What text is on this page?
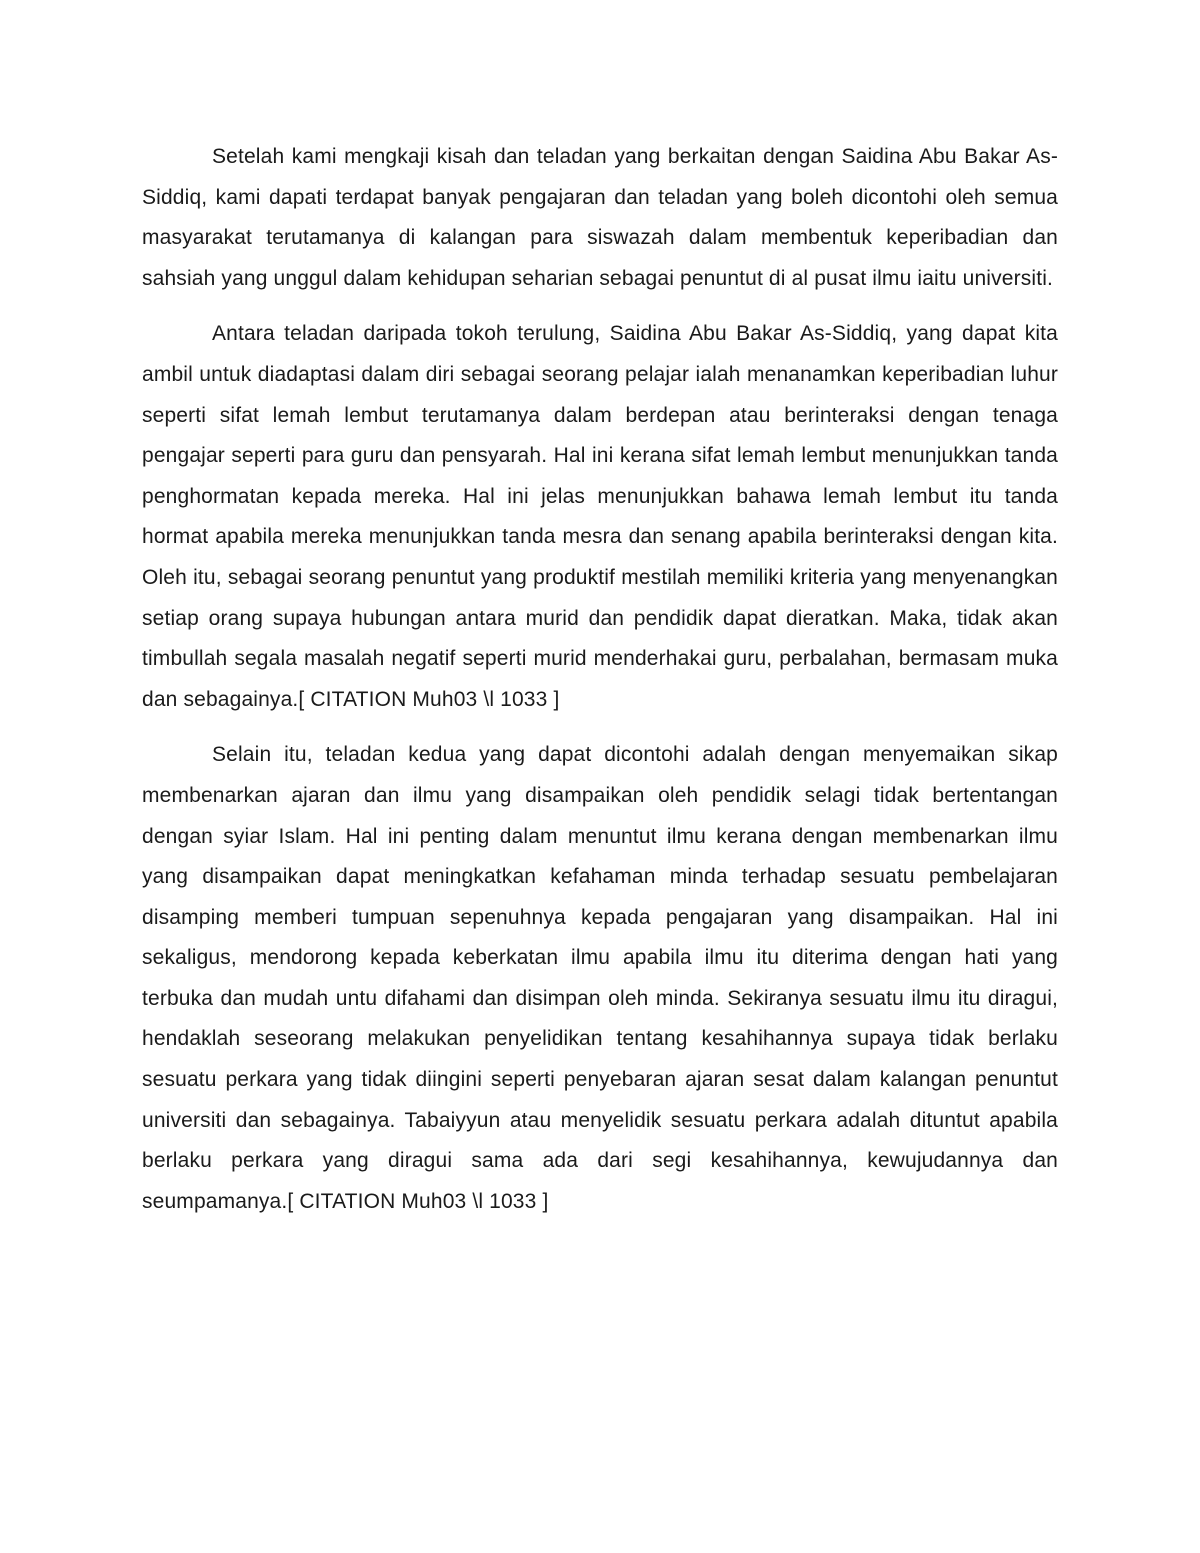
Setelah kami mengkaji kisah dan teladan yang berkaitan dengan Saidina Abu Bakar As-Siddiq, kami dapati terdapat banyak pengajaran dan teladan yang boleh dicontohi oleh semua masyarakat terutamanya di kalangan para siswazah dalam membentuk keperibadian dan sahsiah yang unggul dalam kehidupan seharian sebagai penuntut di al pusat ilmu iaitu universiti.

Antara teladan daripada tokoh terulung, Saidina Abu Bakar As-Siddiq, yang dapat kita ambil untuk diadaptasi dalam diri sebagai seorang pelajar ialah menanamkan keperibadian luhur seperti sifat lemah lembut terutamanya dalam berdepan atau berinteraksi dengan tenaga pengajar seperti para guru dan pensyarah. Hal ini kerana sifat lemah lembut menunjukkan tanda penghormatan kepada mereka. Hal ini jelas menunjukkan bahawa lemah lembut itu tanda hormat apabila mereka menunjukkan tanda mesra dan senang apabila berinteraksi dengan kita. Oleh itu, sebagai seorang penuntut yang produktif mestilah memiliki kriteria yang menyenangkan setiap orang supaya hubungan antara murid dan pendidik dapat dieratkan. Maka, tidak akan timbullah segala masalah negatif seperti murid menderhakai guru, perbalahan, bermasam muka dan sebagainya.[ CITATION Muh03 \l 1033 ]

Selain itu, teladan kedua yang dapat dicontohi adalah dengan menyemaikan sikap membenarkan ajaran dan ilmu yang disampaikan oleh pendidik selagi tidak bertentangan dengan syiar Islam. Hal ini penting dalam menuntut ilmu kerana dengan membenarkan ilmu yang disampaikan dapat meningkatkan kefahaman minda terhadap sesuatu pembelajaran disamping memberi tumpuan sepenuhnya kepada pengajaran yang disampaikan. Hal ini sekaligus, mendorong kepada keberkatan ilmu apabila ilmu itu diterima dengan hati yang terbuka dan mudah untu difahami dan disimpan oleh minda. Sekiranya sesuatu ilmu itu diragui, hendaklah seseorang melakukan penyelidikan tentang kesahihannya supaya tidak berlaku sesuatu perkara yang tidak diingini seperti penyebaran ajaran sesat dalam kalangan penuntut universiti dan sebagainya. Tabaiyyun atau menyelidik sesuatu perkara adalah dituntut apabila berlaku perkara yang diragui sama ada dari segi kesahihannya, kewujudannya dan seumpamanya.[ CITATION Muh03 \l 1033 ]
